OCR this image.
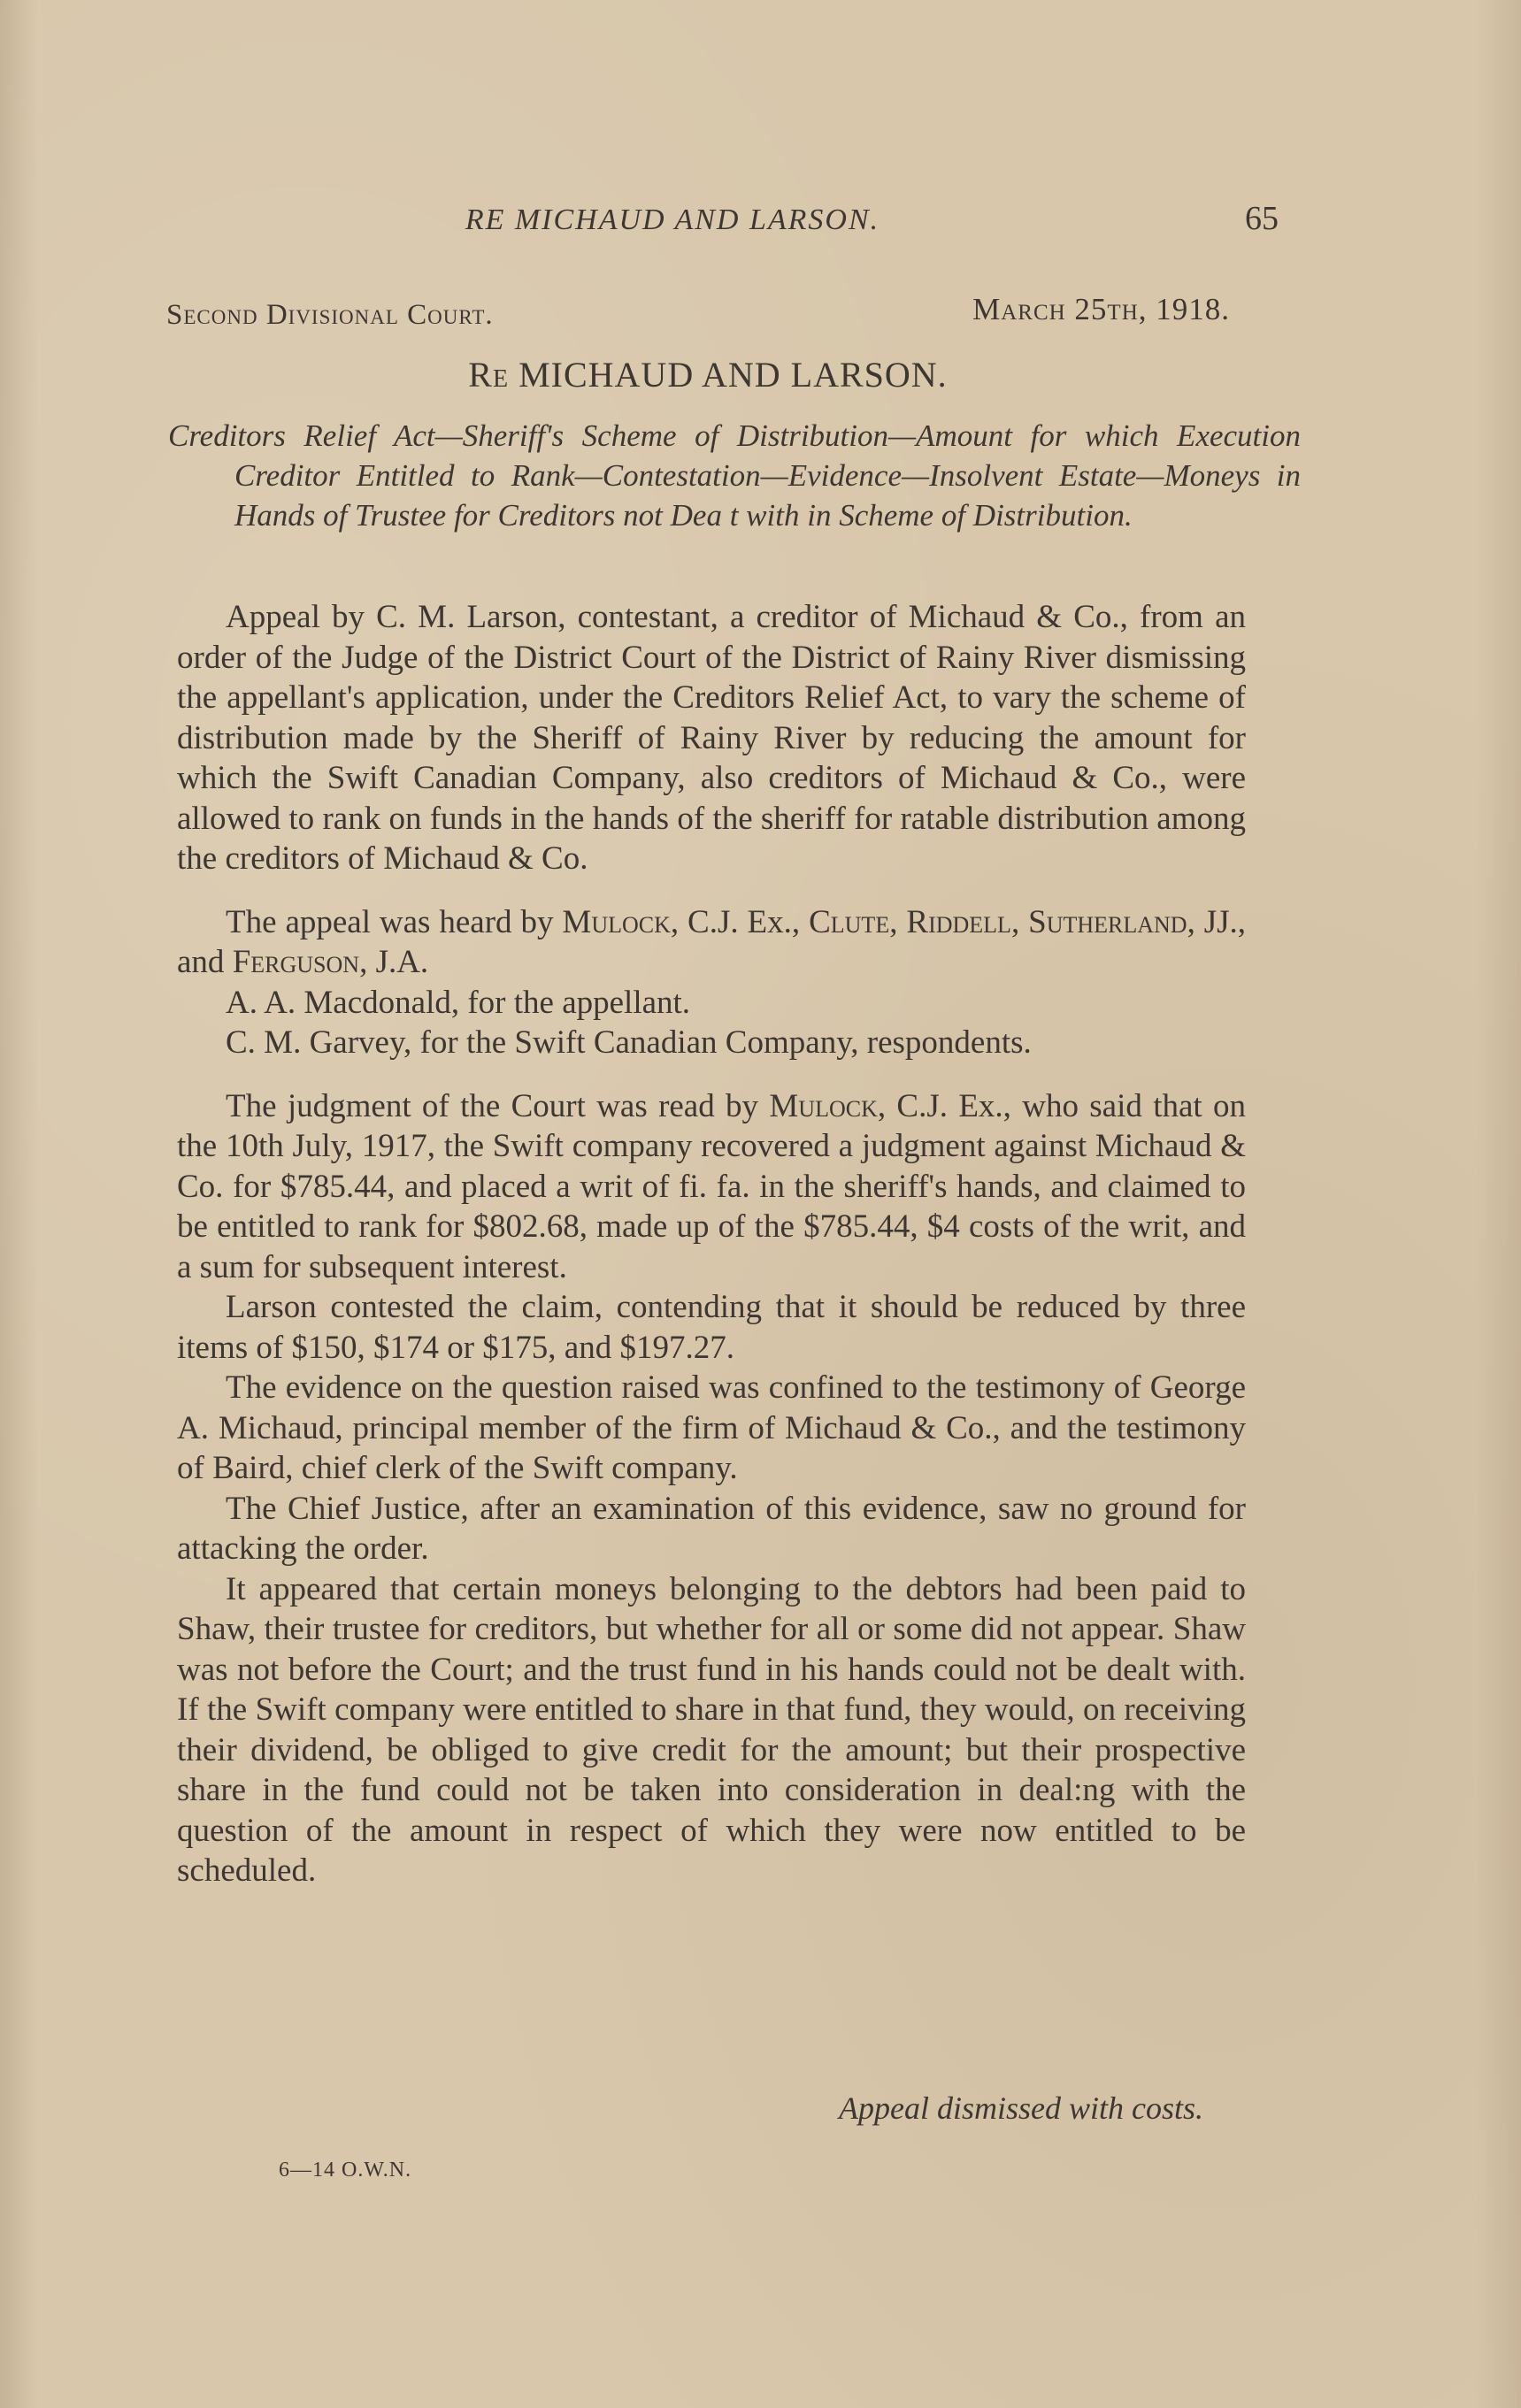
RE MICHAUD AND LARSON.	65
Second Divisional Court.	March 25th, 1918.
Re MICHAUD AND LARSON.

Creditors Relief Act—Sheriff's Scheme of Distribution—Amount for which Execution Creditor Entitled to Rank—Contestation—Evidence—Insolvent Estate—Moneys in Hands of Trustee for Creditors not Dea t with in Scheme of Distribution.

Appeal by C. M. Larson, contestant, a creditor of Michaud & Co., from an order of the Judge of the District Court of the District of Rainy River dismissing the appellant's application, under the Creditors Relief Act, to vary the scheme of distribution made by the Sheriff of Rainy River by reducing the amount for which the Swift Canadian Company, also creditors of Michaud & Co., were allowed to rank on funds in the hands of the sheriff for ratable distribution among the creditors of Michaud & Co.

The appeal was heard by Mulock, C.J. Ex., Clute, Riddell, Sutherland, JJ., and Ferguson, J.A.

A. A. Macdonald, for the appellant.

C. M. Garvey, for the Swift Canadian Company, respondents.

The judgment of the Court was read by Mulock, C.J. Ex., who said that on the 10th July, 1917, the Swift company recovered a judgment against Michaud & Co. for $785.44, and placed a writ of fi. fa. in the sheriff's hands, and claimed to be entitled to rank for $802.68, made up of the $785.44, $4 costs of the writ, and a sum for subsequent interest.

Larson contested the claim, contending that it should be reduced by three items of $150, $174 or $175, and $197.27.

The evidence on the question raised was confined to the testimony of George A. Michaud, principal member of the firm of Michaud & Co., and the testimony of Baird, chief clerk of the Swift company.

The Chief Justice, after an examination of this evidence, saw no ground for attacking the order.

It appeared that certain moneys belonging to the debtors had been paid to Shaw, their trustee for creditors, but whether for all or some did not appear. Shaw was not before the Court; and the trust fund in his hands could not be dealt with. If the Swift company were entitled to share in that fund, they would, on receiving their dividend, be obliged to give credit for the amount; but their prospective share in the fund could not be taken into consideration in deal:ng with the question of the amount in respect of which they were now entitled to be scheduled.

Appeal dismissed with costs.
6—14 O.W.N.
